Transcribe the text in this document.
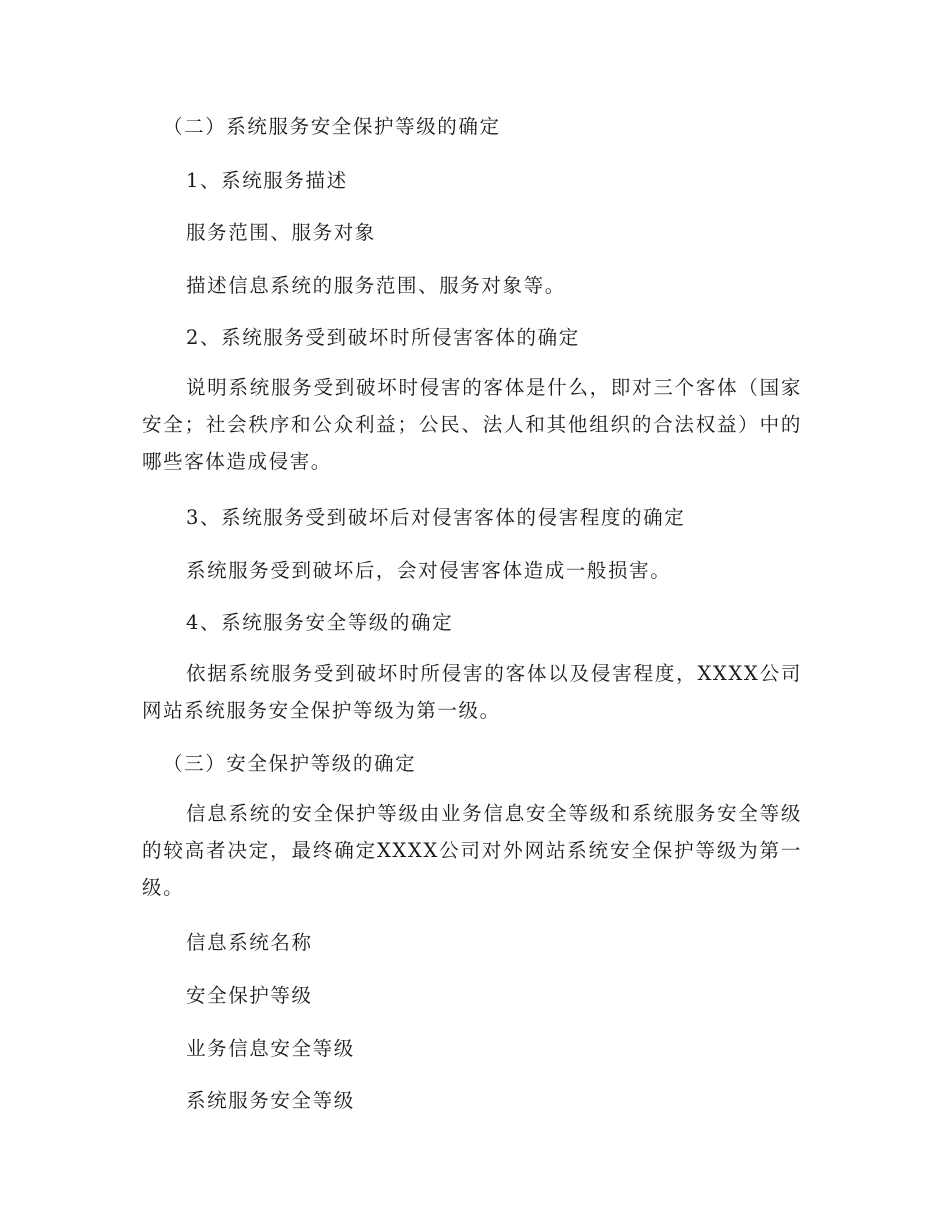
（二）系统服务安全保护等级的确定
1、系统服务描述
服务范围、服务对象
描述信息系统的服务范围、服务对象等。
2、系统服务受到破坏时所侵害客体的确定

说明系统服务受到破坏时侵害的客体是什么，即对三个客体（国家安全；社会秩序和公众利益；公民、法人和其他组织的合法权益）中的哪些客体造成侵害。

3、系统服务受到破坏后对侵害客体的侵害程度的确定
系统服务受到破坏后，会对侵害客体造成一般损害。
4、系统服务安全等级的确定

依据系统服务受到破坏时所侵害的客体以及侵害程度，XXXX公司网站系统服务安全保护等级为第一级。

（三）安全保护等级的确定

信息系统的安全保护等级由业务信息安全等级和系统服务安全等级的较高者决定，最终确定XXXX公司对外网站系统安全保护等级为第一级。

信息系统名称
安全保护等级
业务信息安全等级
系统服务安全等级
